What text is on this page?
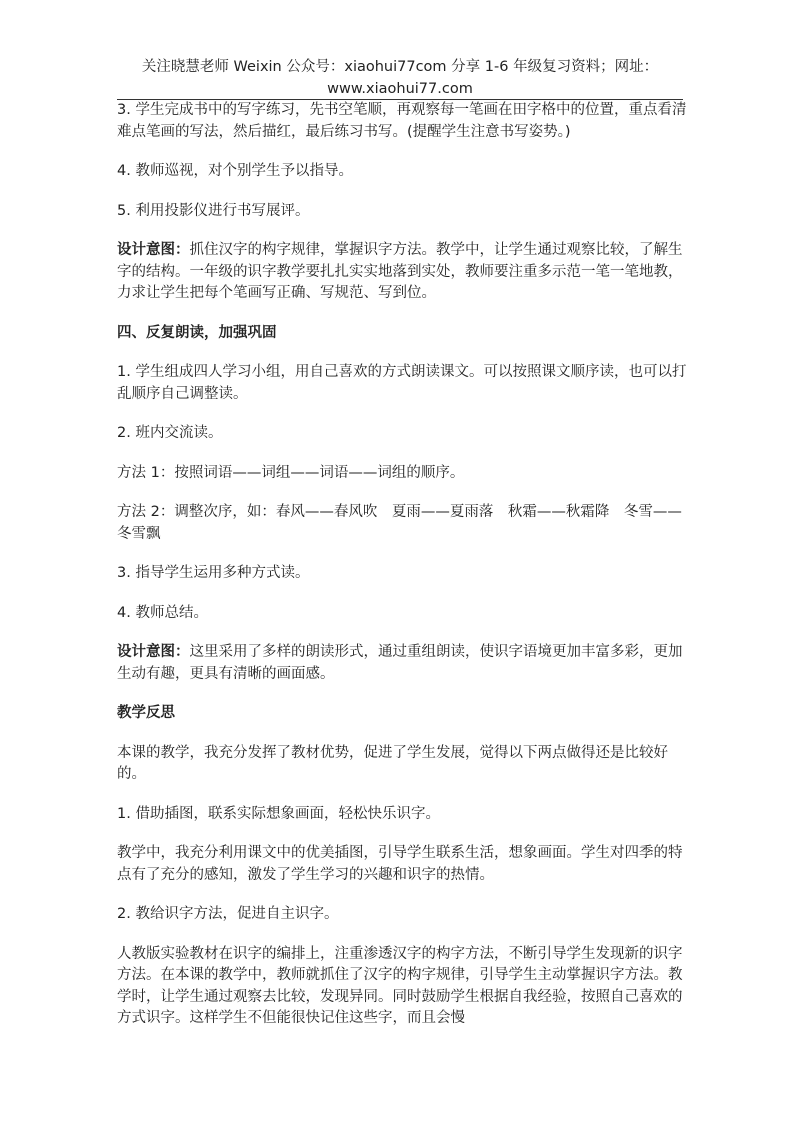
关注晓慧老师 Weixin 公众号：xiaohui77com 分享 1-6 年级复习资料；网址：
www.xiaohui77.com

3. 学生完成书中的写字练习，先书空笔顺，再观察每一笔画在田字格中的位置，重点看清难点笔画的写法，然后描红，最后练习书写。(提醒学生注意书写姿势。)

4. 教师巡视，对个别学生予以指导。

5. 利用投影仪进行书写展评。

设计意图：抓住汉字的构字规律，掌握识字方法。教学中，让学生通过观察比较，了解生字的结构。一年级的识字教学要扎扎实实地落到实处，教师要注重多示范一笔一笔地教，力求让学生把每个笔画写正确、写规范、写到位。

四、反复朗读，加强巩固

1. 学生组成四人学习小组，用自己喜欢的方式朗读课文。可以按照课文顺序读，也可以打乱顺序自己调整读。

2. 班内交流读。

方法 1：按照词语——词组——词语——词组的顺序。

方法 2：调整次序，如：春风——春风吹　夏雨——夏雨落　秋霜——秋霜降　冬雪——冬雪飘

3. 指导学生运用多种方式读。

4. 教师总结。

设计意图：这里采用了多样的朗读形式，通过重组朗读，使识字语境更加丰富多彩，更加生动有趣，更具有清晰的画面感。

教学反思

本课的教学，我充分发挥了教材优势，促进了学生发展，觉得以下两点做得还是比较好的。

1. 借助插图，联系实际想象画面，轻松快乐识字。

教学中，我充分利用课文中的优美插图，引导学生联系生活，想象画面。学生对四季的特点有了充分的感知，激发了学生学习的兴趣和识字的热情。

2. 教给识字方法，促进自主识字。

人教版实验教材在识字的编排上，注重渗透汉字的构字方法，不断引导学生发现新的识字方法。在本课的教学中，教师就抓住了汉字的构字规律，引导学生主动掌握识字方法。教学时，让学生通过观察去比较，发现异同。同时鼓励学生根据自我经验，按照自己喜欢的方式识字。这样学生不但能很快记住这些字，而且会慢
